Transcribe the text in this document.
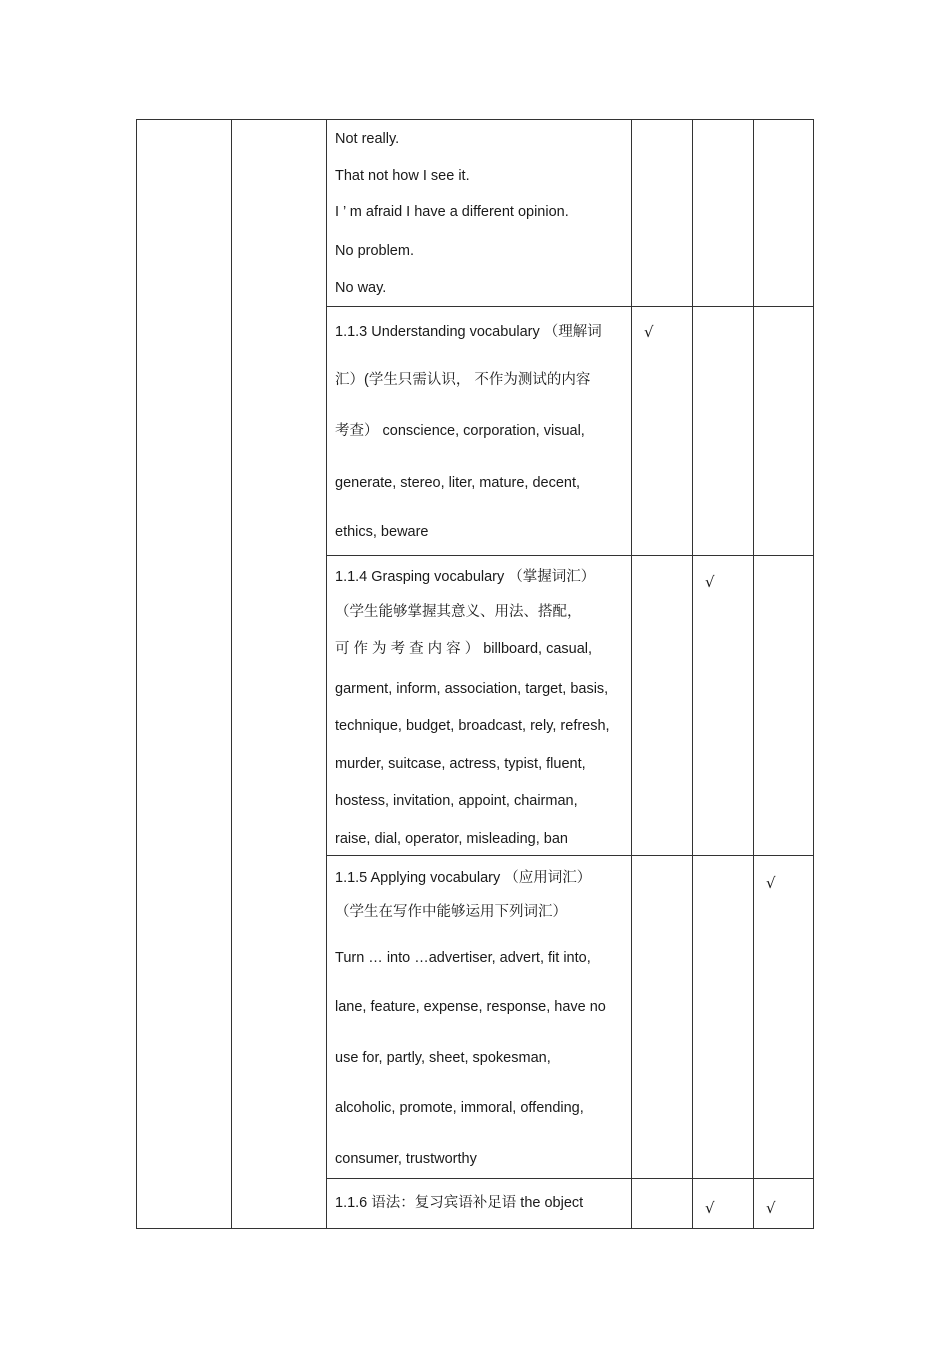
Not really.
That not how I see it.
I ’ m afraid I have a different opinion.
No problem.
No way.
1.1.3 Understanding vocabulary （理解词
汇）(学生只需认识， 不作为测试的内容
考查） conscience, corporation, visual,
generate, stereo, liter, mature, decent,
ethics, beware
√
1.1.4 Grasping vocabulary （掌握词汇）
（学生能够掌握其意义、用法、搭配，
可 作 为 考 查 内 容 ） billboard, casual,
garment, inform, association, target, basis,
technique, budget, broadcast, rely, refresh,
murder, suitcase, actress, typist, fluent,
hostess, invitation, appoint, chairman,
raise, dial, operator, misleading, ban
√
1.1.5 Applying vocabulary （应用词汇）
（学生在写作中能够运用下列词汇）
Turn … into …advertiser, advert, fit into,
lane, feature, expense, response, have no
use for, partly, sheet, spokesman,
alcoholic, promote, immoral, offending,
consumer, trustworthy
√
1.1.6 语法：复习宾语补足语 the object	√	√
